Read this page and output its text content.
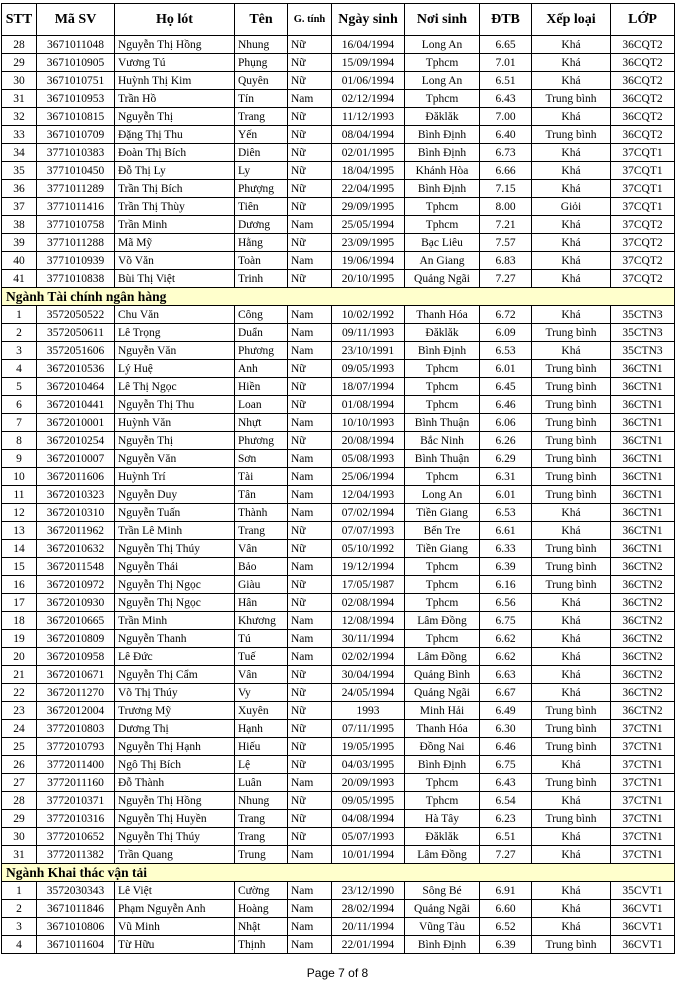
STT	Mã SV	Họ lót	Tên	G. tính	Ngày sinh	Nơi sinh	ĐTB	Xếp loại	LỚP
28	3671011048	Nguyễn Thị Hồng	Nhung	Nữ	16/04/1994	Long An	6.65	Khá	36CQT2
29	3671010905	Vương Tú	Phụng	Nữ	15/09/1994	Tphcm	7.01	Khá	36CQT2
30	3671010751	Huỳnh Thị Kim	Quyên	Nữ	01/06/1994	Long An	6.51	Khá	36CQT2
31	3671010953	Trần Hồ	Tín	Nam	02/12/1994	Tphcm	6.43	Trung bình	36CQT2
32	3671010815	Nguyễn Thị	Trang	Nữ	11/12/1993	Đăklăk	7.00	Khá	36CQT2
33	3671010709	Đặng Thị Thu	Yến	Nữ	08/04/1994	Bình Định	6.40	Trung bình	36CQT2
34	3771010383	Đoàn Thị Bích	Diên	Nữ	02/01/1995	Bình Định	6.73	Khá	37CQT1
35	3771010450	Đỗ Thị Ly	Ly	Nữ	18/04/1995	Khánh Hòa	6.66	Khá	37CQT1
36	3771011289	Trần Thị Bích	Phượng	Nữ	22/04/1995	Bình Định	7.15	Khá	37CQT1
37	3771011416	Trần Thị Thùy	Tiên	Nữ	29/09/1995	Tphcm	8.00	Giỏi	37CQT1
38	3771010758	Trần Minh	Dương	Nam	25/05/1994	Tphcm	7.21	Khá	37CQT2
39	3771011288	Mã Mỹ	Hằng	Nữ	23/09/1995	Bạc Liêu	7.57	Khá	37CQT2
40	3771010939	Võ Văn	Toàn	Nam	19/06/1994	An Giang	6.83	Khá	37CQT2
41	3771010838	Bùi Thị Việt	Trinh	Nữ	20/10/1995	Quảng Ngãi	7.27	Khá	37CQT2
Ngành Tài chính ngân hàng									
1	3572050522	Chu Văn	Công	Nam	10/02/1992	Thanh Hóa	6.72	Khá	35CTN3
2	3572050611	Lê Trọng	Duẩn	Nam	09/11/1993	Đăklăk	6.09	Trung bình	35CTN3
3	3572051606	Nguyễn Văn	Phương	Nam	23/10/1991	Bình Định	6.53	Khá	35CTN3
4	3672010536	Lý Huệ	Anh	Nữ	09/05/1993	Tphcm	6.01	Trung bình	36CTN1
5	3672010464	Lê Thị Ngọc	Hiền	Nữ	18/07/1994	Tphcm	6.45	Trung bình	36CTN1
6	3672010441	Nguyễn Thị Thu	Loan	Nữ	01/08/1994	Tphcm	6.46	Trung bình	36CTN1
7	3672010001	Huỳnh Văn	Nhựt	Nam	10/10/1993	Bình Thuận	6.06	Trung bình	36CTN1
8	3672010254	Nguyễn Thị	Phương	Nữ	20/08/1994	Bắc Ninh	6.26	Trung bình	36CTN1
9	3672010007	Nguyễn Văn	Sơn	Nam	05/08/1993	Bình Thuận	6.29	Trung bình	36CTN1
10	3672011606	Huỳnh Trí	Tài	Nam	25/06/1994	Tphcm	6.31	Trung bình	36CTN1
11	3672010323	Nguyễn Duy	Tân	Nam	12/04/1993	Long An	6.01	Trung bình	36CTN1
12	3672010310	Nguyễn Tuấn	Thành	Nam	07/02/1994	Tiền Giang	6.53	Khá	36CTN1
13	3672011962	Trần Lê Minh	Trang	Nữ	07/07/1993	Bến Tre	6.61	Khá	36CTN1
14	3672010632	Nguyễn Thị Thúy	Vân	Nữ	05/10/1992	Tiền Giang	6.33	Trung bình	36CTN1
15	3672011548	Nguyễn Thái	Bảo	Nam	19/12/1994	Tphcm	6.39	Trung bình	36CTN2
16	3672010972	Nguyễn Thị Ngọc	Giàu	Nữ	17/05/1987	Tphcm	6.16	Trung bình	36CTN2
17	3672010930	Nguyễn Thị Ngọc	Hân	Nữ	02/08/1994	Tphcm	6.56	Khá	36CTN2
18	3672010665	Trần Minh	Khương	Nam	12/08/1994	Lâm Đồng	6.75	Khá	36CTN2
19	3672010809	Nguyễn Thanh	Tú	Nam	30/11/1994	Tphcm	6.62	Khá	36CTN2
20	3672010958	Lê Đức	Tuế	Nam	02/02/1994	Lâm Đồng	6.62	Khá	36CTN2
21	3672010671	Nguyễn Thị Cẩm	Vân	Nữ	30/04/1994	Quảng Bình	6.63	Khá	36CTN2
22	3672011270	Võ Thị Thúy	Vy	Nữ	24/05/1994	Quảng Ngãi	6.67	Khá	36CTN2
23	3672012004	Trương Mỹ	Xuyên	Nữ	1993	Minh Hải	6.49	Trung bình	36CTN2
24	3772010803	Dương Thị	Hạnh	Nữ	07/11/1995	Thanh Hóa	6.30	Trung bình	37CTN1
25	3772010793	Nguyễn Thị Hạnh	Hiếu	Nữ	19/05/1995	Đồng Nai	6.46	Trung bình	37CTN1
26	3772011400	Ngô Thị Bích	Lệ	Nữ	04/03/1995	Bình Định	6.75	Khá	37CTN1
27	3772011160	Đỗ Thành	Luân	Nam	20/09/1993	Tphcm	6.43	Trung bình	37CTN1
28	3772010371	Nguyễn Thị Hồng	Nhung	Nữ	09/05/1995	Tphcm	6.54	Khá	37CTN1
29	3772010316	Nguyễn Thị Huyền	Trang	Nữ	04/08/1994	Hà Tây	6.23	Trung bình	37CTN1
30	3772010652	Nguyễn Thị Thúy	Trang	Nữ	05/07/1993	Đăklăk	6.51	Khá	37CTN1
31	3772011382	Trần Quang	Trung	Nam	10/01/1994	Lâm Đồng	7.27	Khá	37CTN1
Ngành Khai thác vận tải									
1	3572030343	Lê Việt	Cường	Nam	23/12/1990	Sông Bé	6.91	Khá	35CVT1
2	3671011846	Phạm Nguyễn Anh	Hoàng	Nam	28/02/1994	Quảng Ngãi	6.60	Khá	36CVT1
3	3671010806	Vũ Minh	Nhật	Nam	20/11/1994	Vũng Tàu	6.52	Khá	36CVT1
4	3671011604	Từ Hữu	Thịnh	Nam	22/01/1994	Bình Định	6.39	Trung bình	36CVT1
Page 7 of 8
